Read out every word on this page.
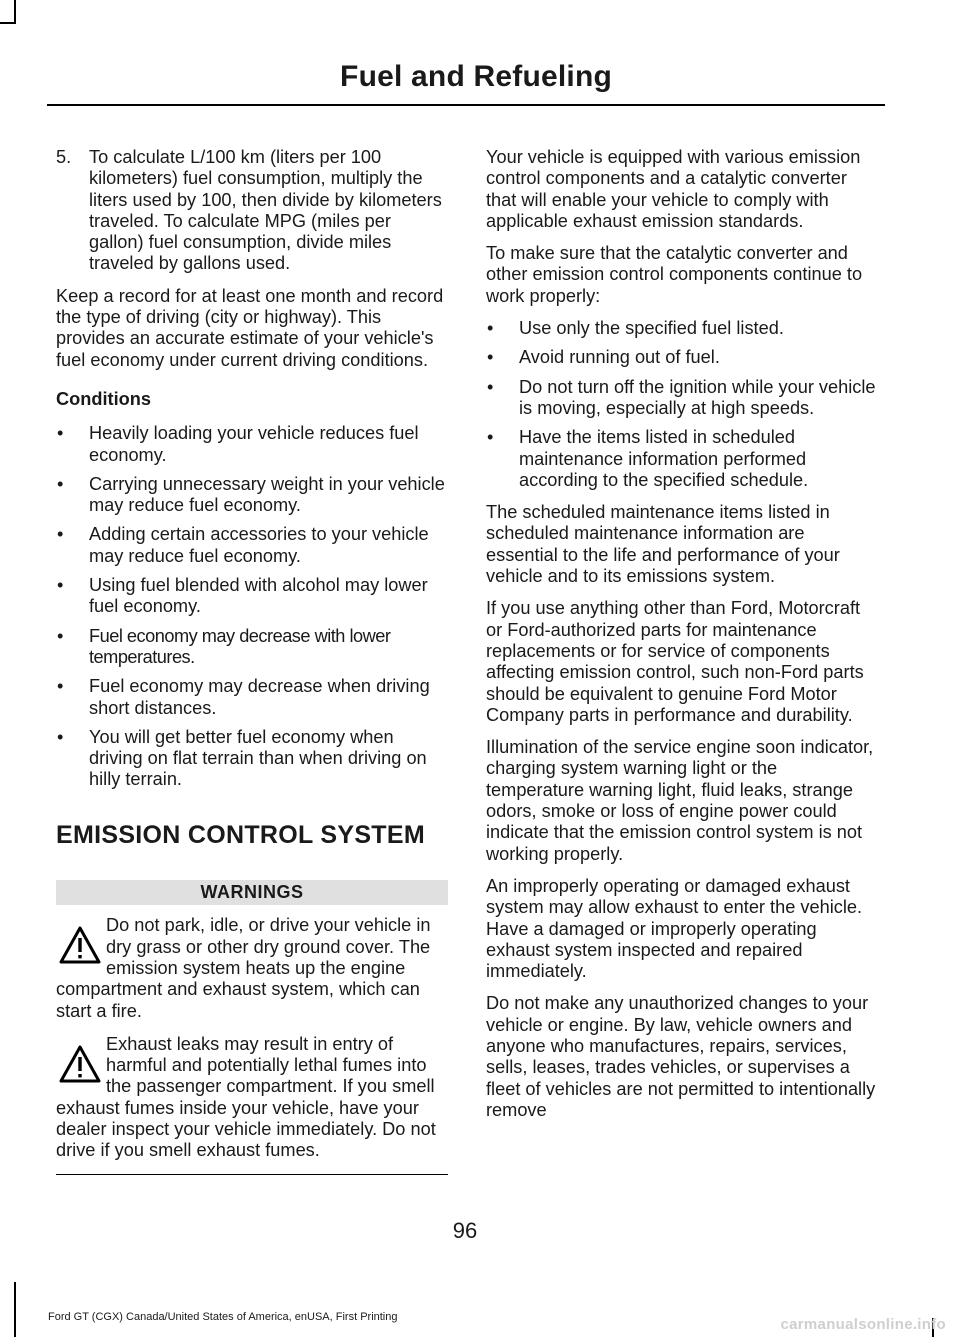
Fuel and Refueling
5. To calculate L/100 km (liters per 100 kilometers) fuel consumption, multiply the liters used by 100, then divide by kilometers traveled. To calculate MPG (miles per gallon) fuel consumption, divide miles traveled by gallons used.

Keep a record for at least one month and record the type of driving (city or highway). This provides an accurate estimate of your vehicle's fuel economy under current driving conditions.

Conditions
• Heavily loading your vehicle reduces fuel economy.
• Carrying unnecessary weight in your vehicle may reduce fuel economy.
• Adding certain accessories to your vehicle may reduce fuel economy.
• Using fuel blended with alcohol may lower fuel economy.
• Fuel economy may decrease with lower temperatures.
• Fuel economy may decrease when driving short distances.
• You will get better fuel economy when driving on flat terrain than when driving on hilly terrain.
EMISSION CONTROL SYSTEM
WARNINGS
Do not park, idle, or drive your vehicle in dry grass or other dry ground cover. The emission system heats up the engine compartment and exhaust system, which can start a fire.
Exhaust leaks may result in entry of harmful and potentially lethal fumes into the passenger compartment. If you smell exhaust fumes inside your vehicle, have your dealer inspect your vehicle immediately. Do not drive if you smell exhaust fumes.

Your vehicle is equipped with various emission control components and a catalytic converter that will enable your vehicle to comply with applicable exhaust emission standards.

To make sure that the catalytic converter and other emission control components continue to work properly:

• Use only the specified fuel listed.
• Avoid running out of fuel.
• Do not turn off the ignition while your vehicle is moving, especially at high speeds.
• Have the items listed in scheduled maintenance information performed according to the specified schedule.

The scheduled maintenance items listed in scheduled maintenance information are essential to the life and performance of your vehicle and to its emissions system.

If you use anything other than Ford, Motorcraft or Ford-authorized parts for maintenance replacements or for service of components affecting emission control, such non-Ford parts should be equivalent to genuine Ford Motor Company parts in performance and durability.

Illumination of the service engine soon indicator, charging system warning light or the temperature warning light, fluid leaks, strange odors, smoke or loss of engine power could indicate that the emission control system is not working properly.

An improperly operating or damaged exhaust system may allow exhaust to enter the vehicle. Have a damaged or improperly operating exhaust system inspected and repaired immediately.

Do not make any unauthorized changes to your vehicle or engine. By law, vehicle owners and anyone who manufactures, repairs, services, sells, leases, trades vehicles, or supervises a fleet of vehicles are not permitted to intentionally remove

96
Ford GT (CGX) Canada/United States of America, enUSA, First Printing	carmanualsonline.info
